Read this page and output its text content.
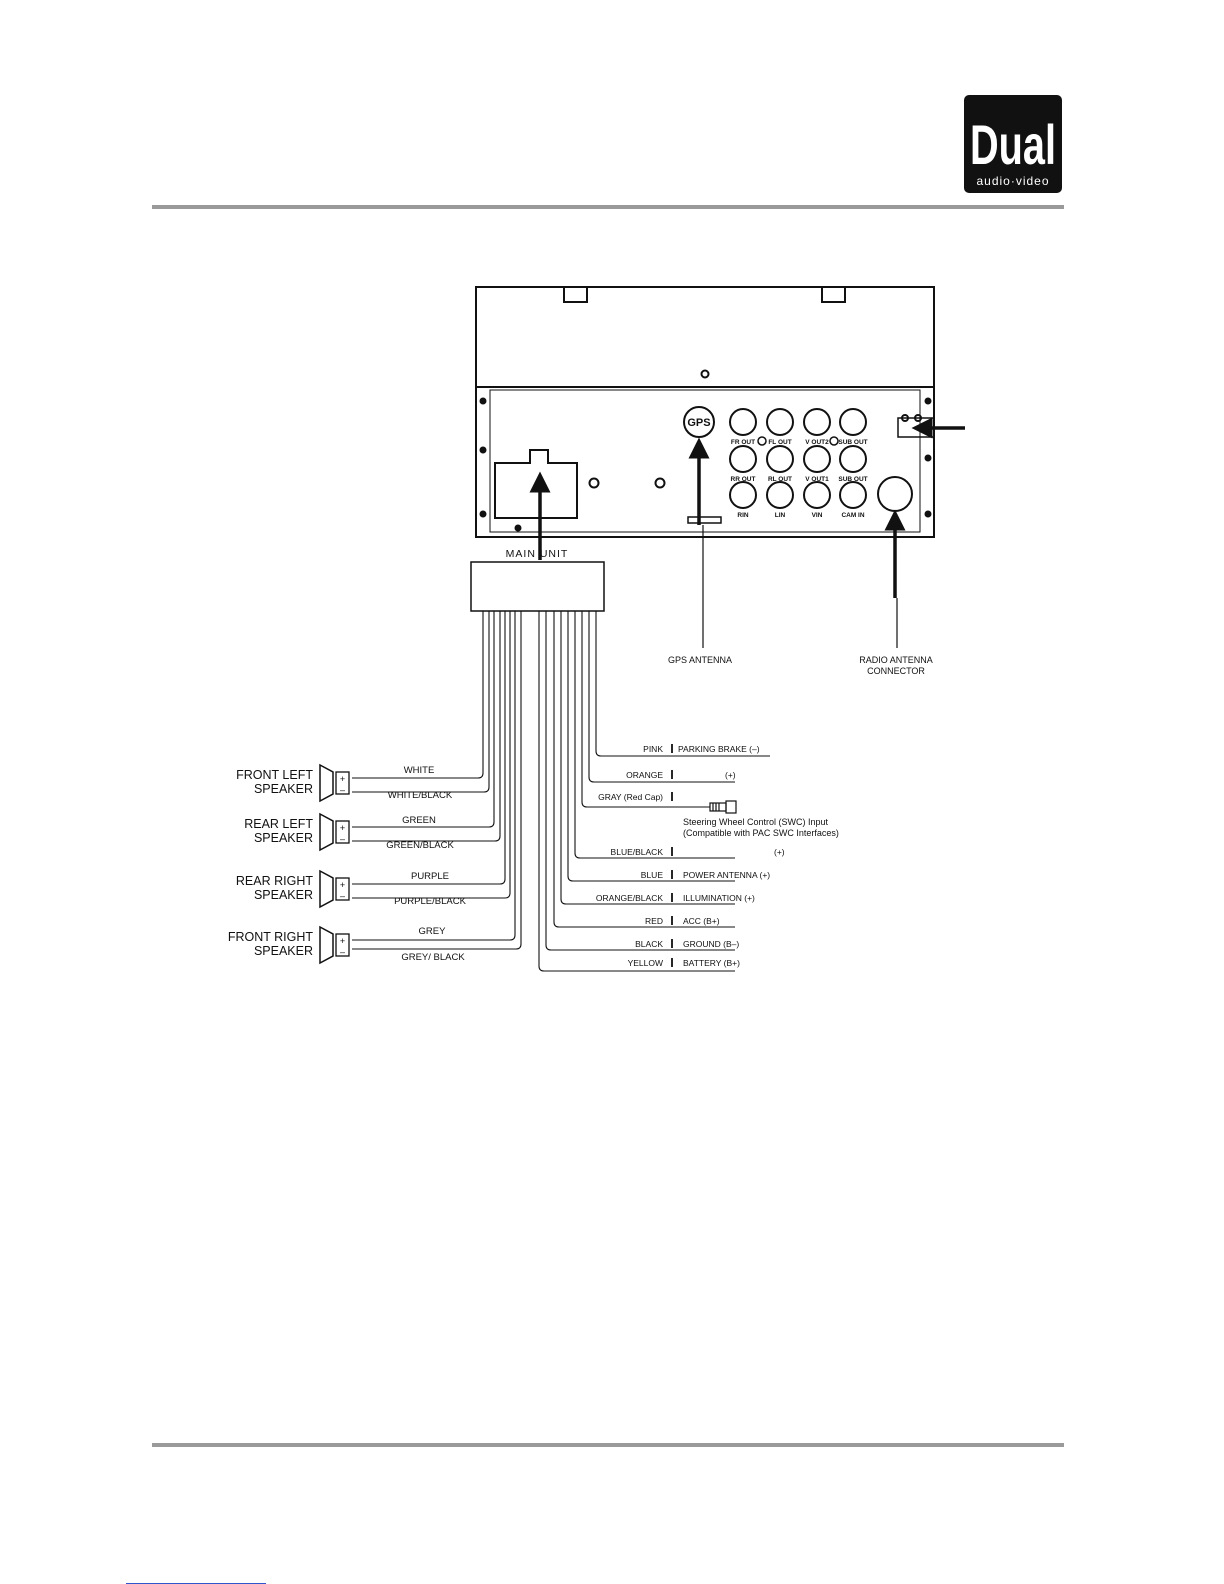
Dual
audio·video
GPS
MAIN UNIT
GPS ANTENNA	RADIO ANTENNA
CONNECTOR
+
–
FRONT LEFT
SPEAKER
+
–
REAR LEFT
SPEAKER
+
–
REAR RIGHT
SPEAKER
+
–
FRONT RIGHT
SPEAKER
WHITE
WHITE/BLACK
GREEN
GREEN/BLACK
PURPLE
PURPLE/BLACK
GREY
GREY/ BLACK
PINK PARKING BRAKE (–)
ORANGE	(+)
GRAY (Red Cap)
BLUE/BLACK	(+)
BLUE POWER ANTENNA (+)
ORANGE/BLACK ILLUMINATION (+)
RED ACC (B+)
BLACK GROUND (B–)
YELLOW BATTERY (B+)
Steering Wheel Control (SWC) Input
(Compatible with PAC SWC Interfaces)
FR OUT FL OUT V OUT2 SUB OUT
RR OUT RL OUT V OUT1 SUB OUT
RIN	LIN	VIN	CAM IN
